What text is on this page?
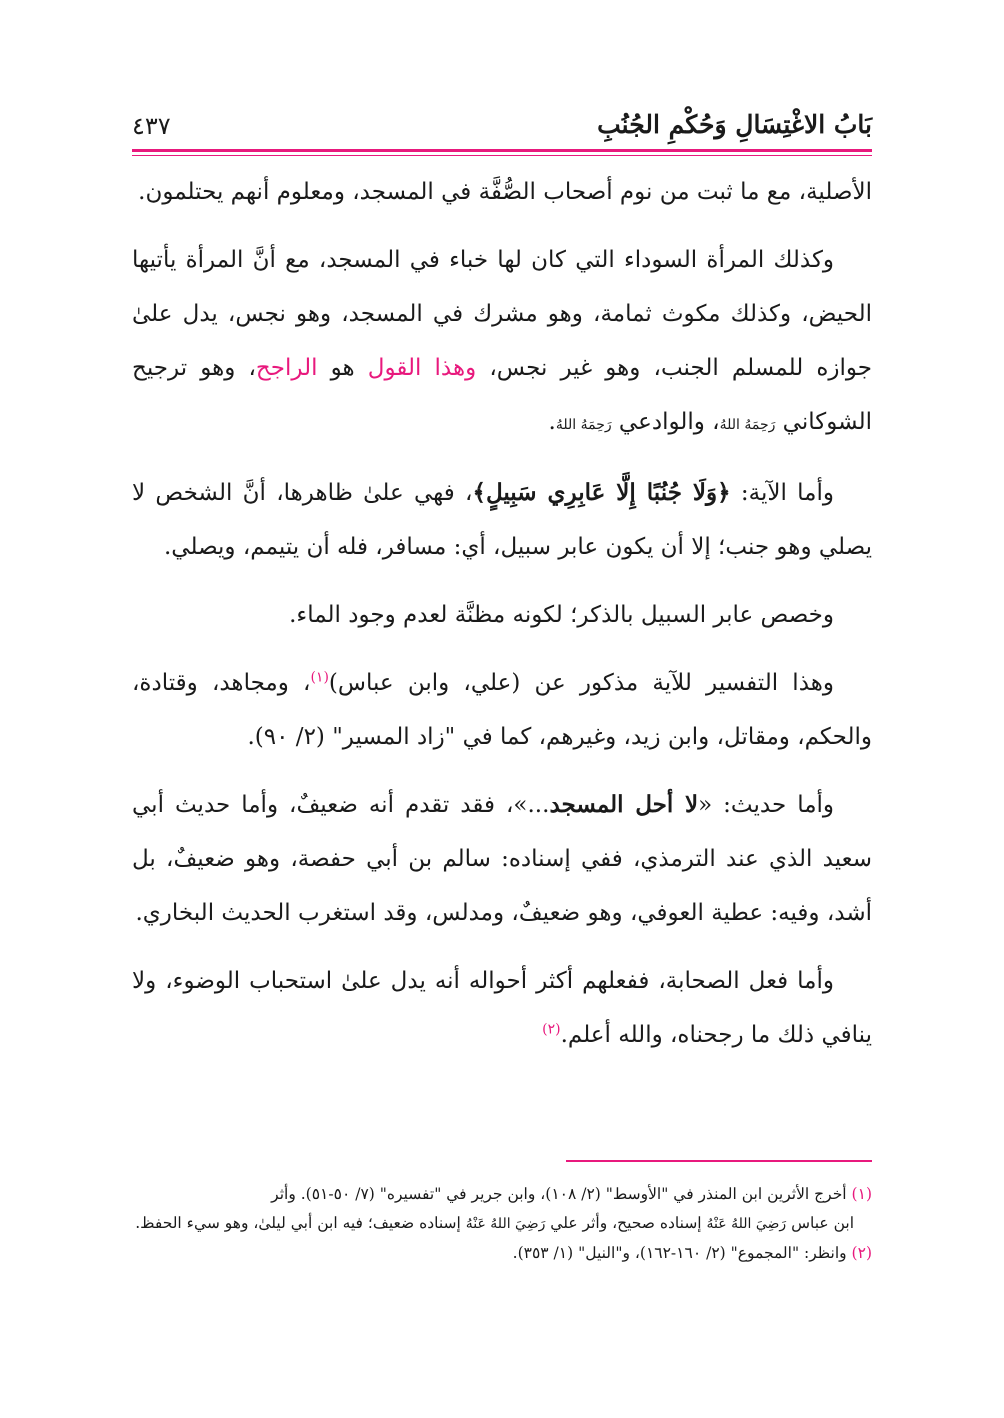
بَابُ الاغْتِسَالِ وَحُكْمِ الجُنُبِ
٤٣٧

الأصلية، مع ما ثبت من نوم أصحاب الصُّفَّة في المسجد، ومعلوم أنهم يحتلمون.

وكذلك المرأة السوداء التي كان لها خباء في المسجد، مع أنَّ المرأة يأتيها الحيض، وكذلك مكوث ثمامة، وهو مشرك في المسجد، وهو نجس، يدل علىٰ جوازه للمسلم الجنب، وهو غير نجس، وهذا القول هو الراجح، وهو ترجيح الشوكاني رَحِمَهُ اللهُ، والوادعي رَحِمَهُ اللهُ.

وأما الآية: ﴿وَلَا جُنُبًا إِلَّا عَابِرِي سَبِيلٍ﴾، فهي علىٰ ظاهرها، أنَّ الشخص لا يصلي وهو جنب؛ إلا أن يكون عابر سبيل، أي: مسافر، فله أن يتيمم، ويصلي.

وخصص عابر السبيل بالذكر؛ لكونه مظنَّة لعدم وجود الماء.

وهذا التفسير للآية مذكور عن (علي، وابن عباس)$^{(١)}$، ومجاهد، وقتادة، والحكم، ومقاتل، وابن زيد، وغيرهم، كما في "زاد المسير" (٢/ ٩٠).

وأما حديث: «لا أحل المسجد...»، فقد تقدم أنه ضعيفٌ، وأما حديث أبي سعيد الذي عند الترمذي، ففي إسناده: سالم بن أبي حفصة، وهو ضعيفٌ، بل أشد، وفيه: عطية العوفي، وهو ضعيفٌ، ومدلس، وقد استغرب الحديث البخاري.

وأما فعل الصحابة، ففعلهم أكثر أحواله أنه يدل علىٰ استحباب الوضوء، ولا ينافي ذلك ما رجحناه، والله أعلم.$^{(٢)}$

(١) أخرج الأثرين ابن المنذر في "الأوسط" (٢/ ١٠٨)، وابن جرير في "تفسيره" (٧/ ٥٠-٥١). وأثر

ابن عباس رَضِيَ اللهُ عَنْهُ إسناده صحيح، وأثر علي رَضِيَ اللهُ عَنْهُ إسناده ضعيف؛ فيه ابن أبي ليلىٰ، وهو سيء الحفظ.

(٢) وانظر: "المجموع" (٢/ ١٦٠-١٦٢)، و"النيل" (١/ ٣٥٣).
